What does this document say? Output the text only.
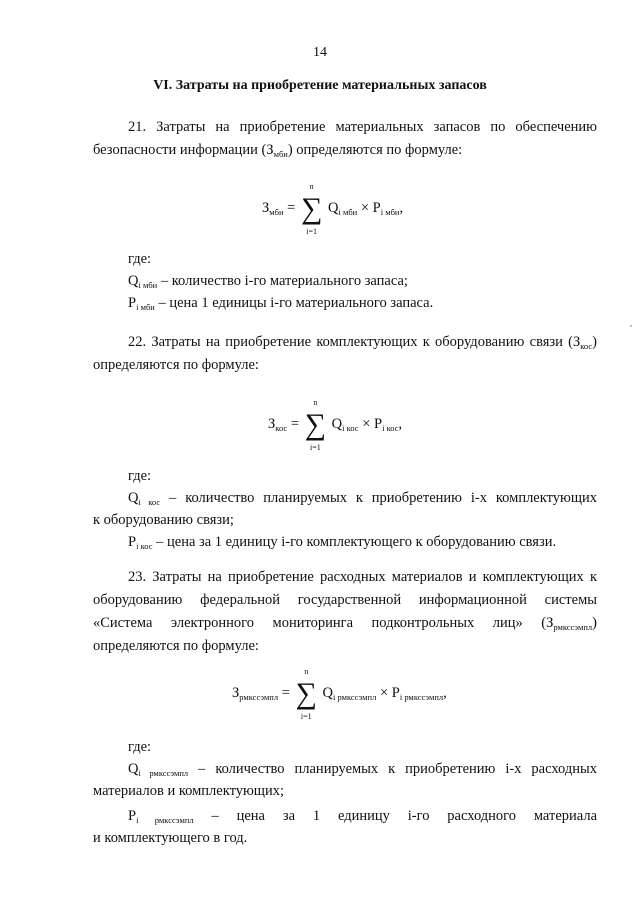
14
VI. Затраты на приобретение материальных запасов
21. Затраты на приобретение материальных запасов по обеспечению безопасности информации $(З_{мби})$ определяются по формуле:
$З_{мби}$ =
n
∑
i=1
$Q_{i мби} \times P_{i мби}$,
где:
$Q_{i мби}$ – количество i-го материального запаса;
$P_{i мби}$ – цена 1 единицы i-го материального запаса.
22. Затраты на приобретение комплектующих к оборудованию связи $(З_{кос})$ определяются по формуле:
$З_{кос}$ =
n
∑
i=1
$Q_{i кос} \times P_{i кос}$,
где:
$Q_{i кос}$ – количество планируемых к приобретению i-х комплектующих
к оборудованию связи;
$P_{i кос}$ – цена за 1 единицу i-го комплектующего к оборудованию связи.
23. Затраты на приобретение расходных материалов и комплектующих к оборудованию федеральной государственной информационной системы «Система электронного мониторинга подконтрольных лиц» $(З_{рмкссэмпл})$ определяются по формуле:
$З_{рмкссэмпл}$ =
n
∑
i=1
$Q_{i рмкссэмпл} \times P_{i рмкссэмпл}$,
где:
$Q_{i рмкссэмпл}$ – количество планируемых к приобретению i-х расходных
материалов и комплектующих;
$P_{i рмкссэмпл}$ – цена за 1 единицу i-го расходного материала
и комплектующего в год.
